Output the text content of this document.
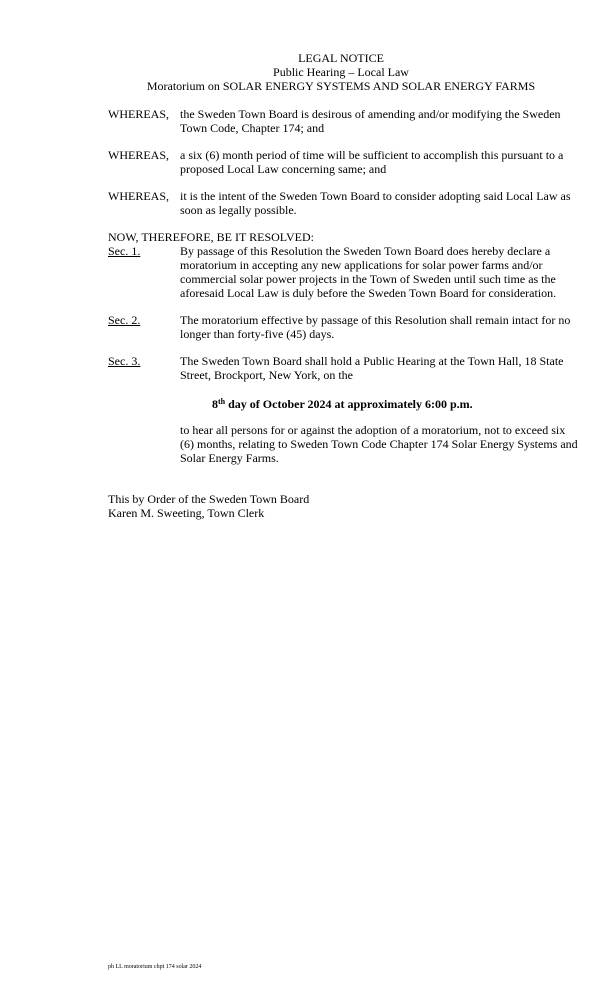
LEGAL NOTICE
Public Hearing – Local Law
Moratorium on SOLAR ENERGY SYSTEMS AND SOLAR ENERGY FARMS
WHEREAS, the Sweden Town Board is desirous of amending and/or modifying the Sweden Town Code, Chapter 174; and
WHEREAS, a six (6) month period of time will be sufficient to accomplish this pursuant to a proposed Local Law concerning same; and
WHEREAS, it is the intent of the Sweden Town Board to consider adopting said Local Law as soon as legally possible.
NOW, THEREFORE, BE IT RESOLVED:
Sec. 1.	By passage of this Resolution the Sweden Town Board does hereby declare a moratorium in accepting any new applications for solar power farms and/or commercial solar power projects in the Town of Sweden until such time as the aforesaid Local Law is duly before the Sweden Town Board for consideration.
Sec. 2.	The moratorium effective by passage of this Resolution shall remain intact for no longer than forty-five (45) days.
Sec. 3.	The Sweden Town Board shall hold a Public Hearing at the Town Hall, 18 State Street, Brockport, New York, on the
8th day of October 2024 at approximately 6:00 p.m.
to hear all persons for or against the adoption of a moratorium, not to exceed six (6) months, relating to Sweden Town Code Chapter 174 Solar Energy Systems and Solar Energy Farms.
This by Order of the Sweden Town Board
Karen M. Sweeting, Town Clerk
ph LL moratorium chpt 174 solar 2024
